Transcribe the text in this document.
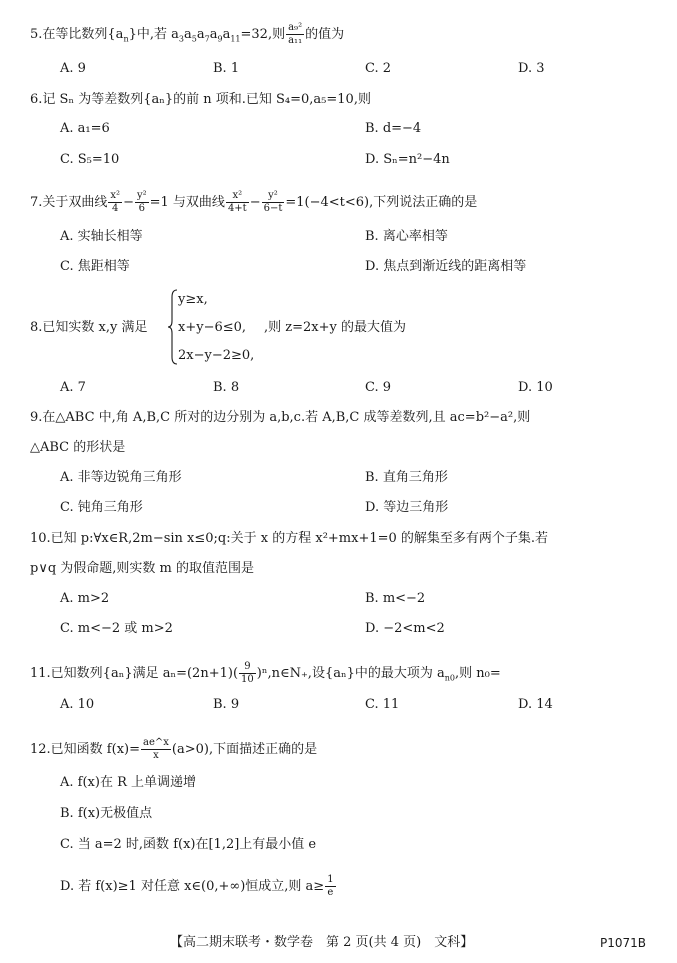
5.在等比数列$\{a_n\}$中,若 $a_3a_5a_7a_9a_{11}=32$,则 $\frac{\text{a₉²}}{\text{a₁₁}}$ 的值为
A. 9	B. 1	C. 2	D. 3
6.记 Sₙ 为等差数列{aₙ}的前 n 项和.已知 S₄=0,a₅=10,则
A. a₁=6	B. d=−4
C. S₅=10	D. Sₙ=n²−4n
7.关于双曲线 $\frac{\text{x²}}{4} - \frac{\text{y²}}{6} =1$ 与双曲线 $\frac{\text{x²}}{4+t} - \frac{\text{y²}}{6-t} =1(-4<t<6)$,下列说法正确的是
A. 实轴长相等	B. 离心率相等
C. 焦距相等	D. 焦点到渐近线的距离相等
8.已知实数 x,y 满足
y≥x,
x+y−6≤0,
2x−y−2≥0,
,则 z=2x+y 的最大值为
A. 7	B. 8	C. 9	D. 10
9.在△ABC 中,角 A,B,C 所对的边分别为 a,b,c.若 A,B,C 成等差数列,且 ac=b²−a²,则
△ABC 的形状是
A. 非等边锐角三角形	B. 直角三角形
C. 钝角三角形	D. 等边三角形
10.已知 p:∀x∈R,2m−sin x≤0;q:关于 x 的方程 x²+mx+1=0 的解集至多有两个子集.若
p∨q 为假命题,则实数 m 的取值范围是
A. m>2	B. m<−2
C. m<−2 或 m>2	D. −2<m<2
11.已知数列{aₙ}满足 $a_n=(2n+1)( \frac{9}{10}$ )ⁿ,n∈N₊,设{aₙ}中的最大项为 $a_{n0}$,则 n₀=
A. 10	B. 9	C. 11	D. 14
12.已知函数 $f(x)= \frac{ae\^{}x}{x} (a>0)$,下面描述正确的是
A. f(x)在 R 上单调递增
B. f(x)无极值点
C. 当 a=2 时,函数 f(x)在[1,2]上有最小值 e
D. 若 f(x)≥1 对任意 x∈(0,+∞)恒成立,则 $a\ge \frac{1}{e}$
【高二期末联考・数学卷　第 2 页(共 4 页)　文科】	P1071B
